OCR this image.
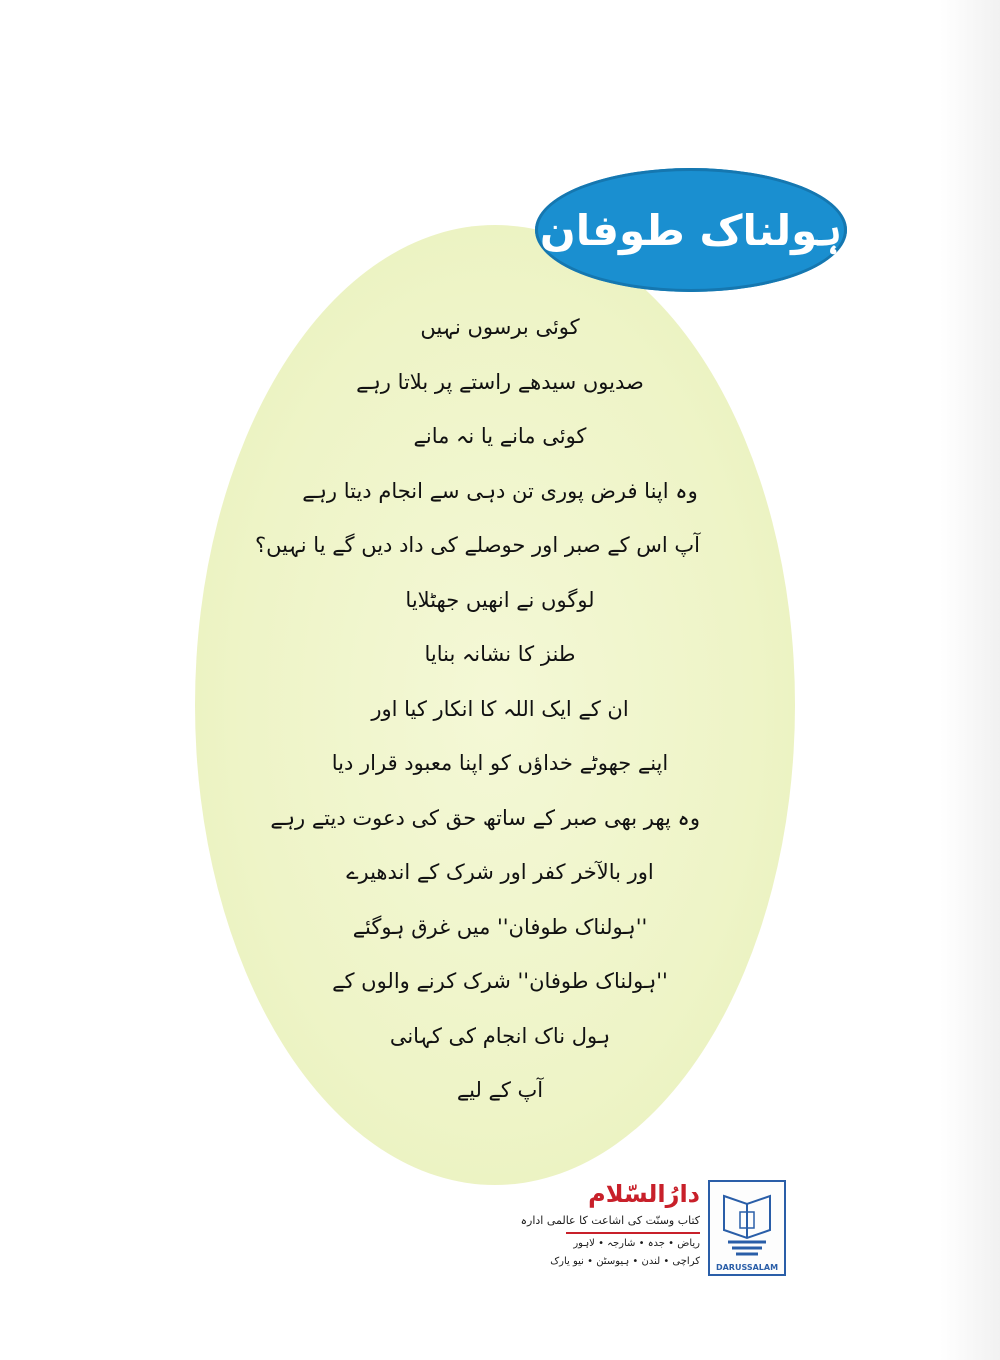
ہولناک طوفان
کوئی برسوں نہیں
صدیوں سیدھے راستے پر بلاتا رہے
کوئی مانے یا نہ مانے
وہ اپنا فرض پوری تن دہی سے انجام دیتا رہے
آپ اس کے صبر اور حوصلے کی داد دیں گے یا نہیں؟
لوگوں نے انھیں جھٹلایا
طنز کا نشانہ بنایا
ان کے ایک اللہ کا انکار کیا اور
اپنے جھوٹے خداؤں کو اپنا معبود قرار دیا
وہ پھر بھی صبر کے ساتھ حق کی دعوت دیتے رہے
اور بالآخر کفر اور شرک کے اندھیرے
''ہولناک طوفان'' میں غرق ہوگئے
''ہولناک طوفان'' شرک کرنے والوں کے
ہول ناک انجام کی کہانی
آپ کے لیے
دارُالسّلام
کتاب وسنّت کی اشاعت کا عالمی ادارہ
ریاض • جدہ • شارجہ • لاہور
کراچی • لندن • ہیوسٹن • نیو یارک
DARUSSALAM
